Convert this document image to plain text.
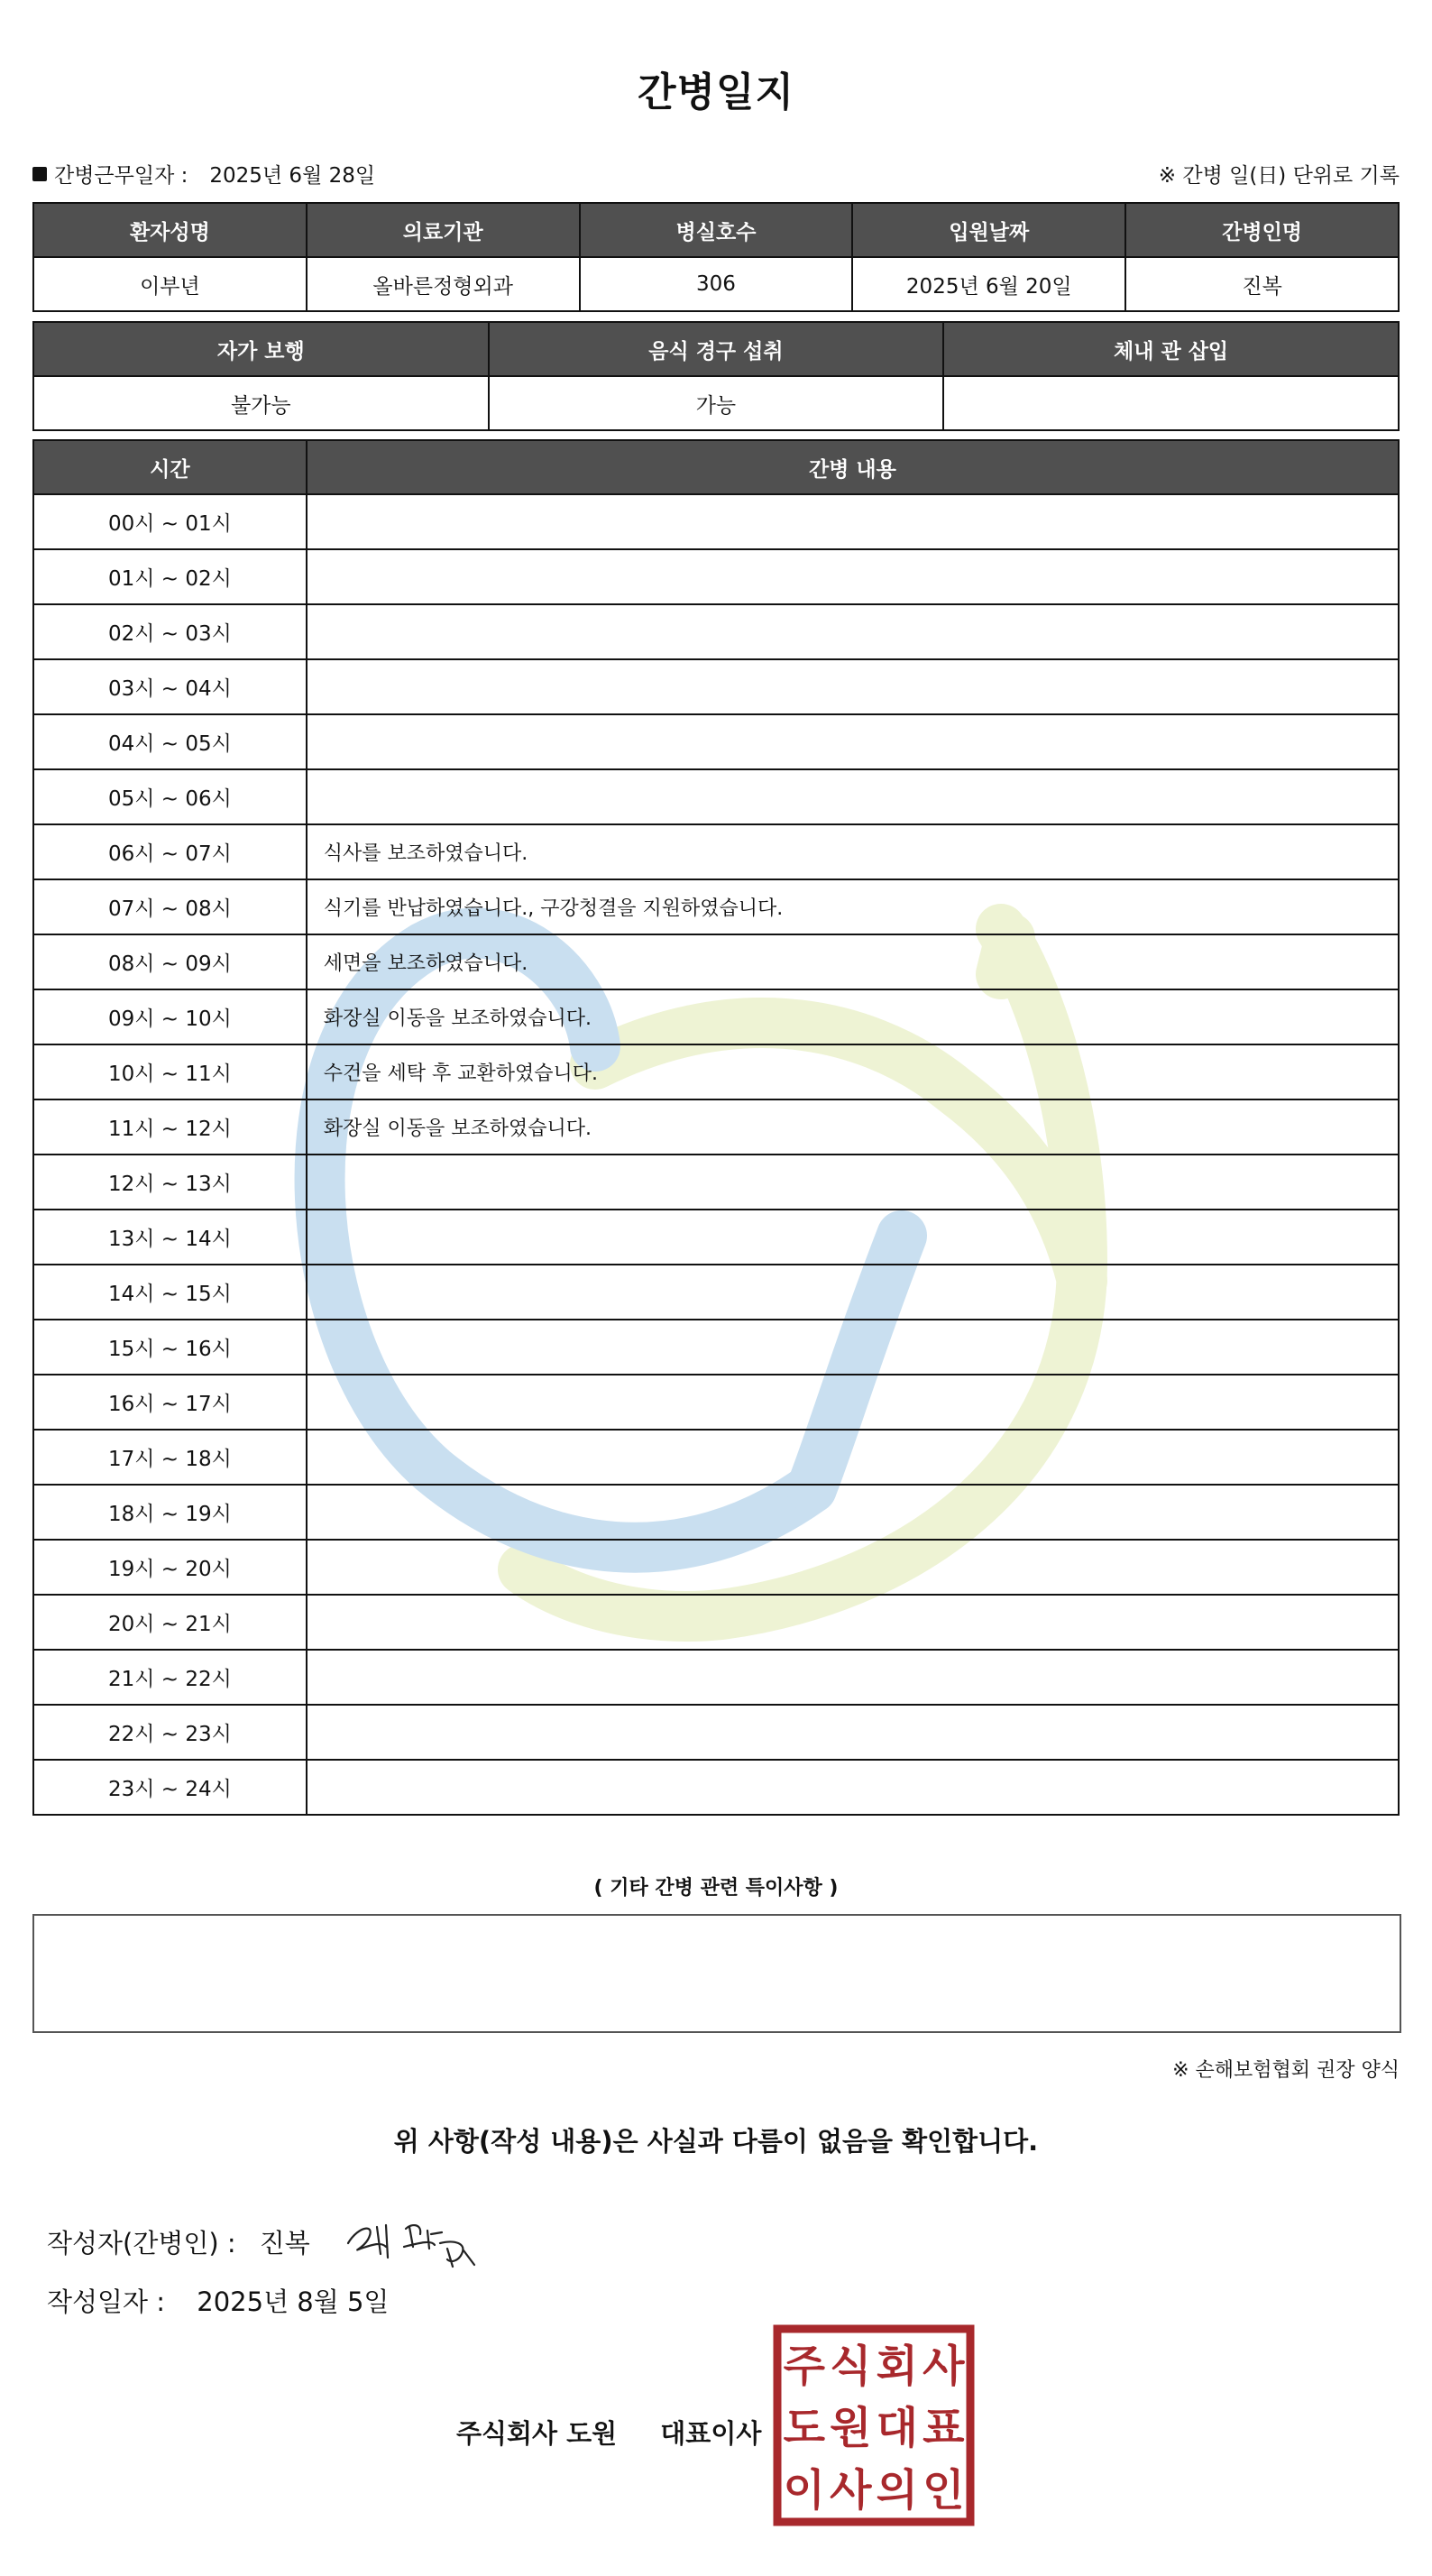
간병일지
간병근무일자 : 2025년 6월 28일	※ 간병 일(日) 단위로 기록
환자성명	의료기관	병실호수	입원날짜	간병인명
이부년	올바른정형외과	306	2025년 6월 20일	진복
자가 보행	음식 경구 섭취	체내 관 삽입
불가능	가능	
시간	간병 내용
00시 ~ 01시	
01시 ~ 02시	
02시 ~ 03시	
03시 ~ 04시	
04시 ~ 05시	
05시 ~ 06시	
06시 ~ 07시	식사를 보조하였습니다.
07시 ~ 08시	식기를 반납하였습니다., 구강청결을 지원하였습니다.
08시 ~ 09시	세면을 보조하였습니다.
09시 ~ 10시	화장실 이동을 보조하였습니다.
10시 ~ 11시	수건을 세탁 후 교환하였습니다.
11시 ~ 12시	화장실 이동을 보조하였습니다.
12시 ~ 13시	
13시 ~ 14시	
14시 ~ 15시	
15시 ~ 16시	
16시 ~ 17시	
17시 ~ 18시	
18시 ~ 19시	
19시 ~ 20시	
20시 ~ 21시	
21시 ~ 22시	
22시 ~ 23시	
23시 ~ 24시	
( 기타 간병 관련 특이사항 )
※ 손해보험협회 권장 양식
위 사항(작성 내용)은 사실과 다름이 없음을 확인합니다.
작성자(간병인) : 진복
작성일자 : 2025년 8월 5일
주식회사 도원 대표이사
주 식 회 사
도 원 대 표
이 사 의 인
